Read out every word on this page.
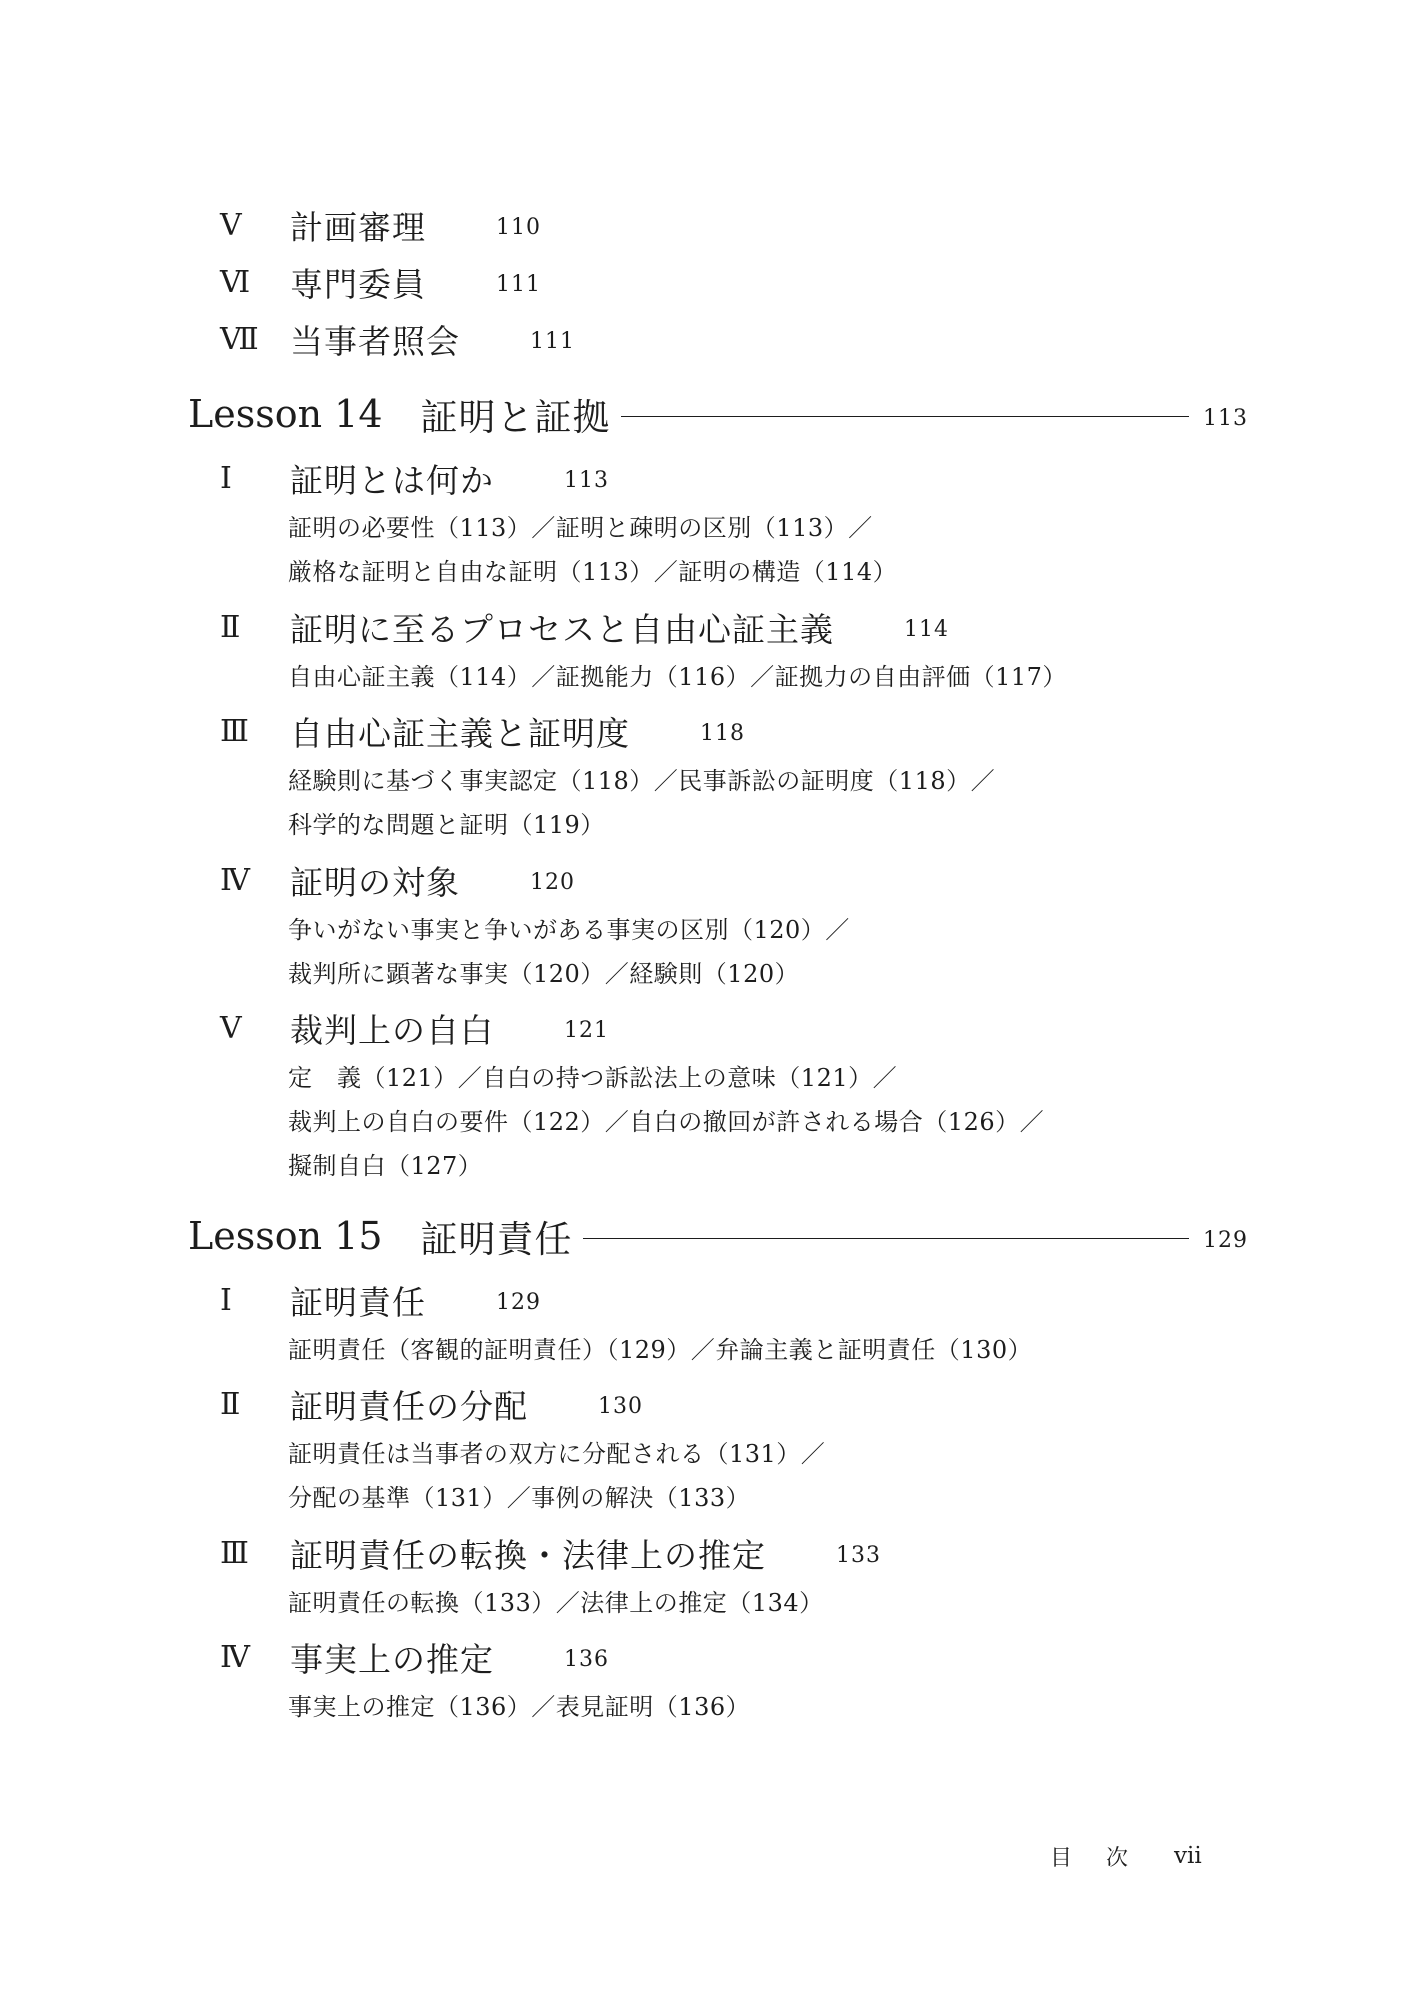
Ⅴ	計画審理	110
Ⅵ	専門委員	111
Ⅶ	当事者照会	111
Lesson 14 証明と証拠	113
Ⅰ	証明とは何か	113
証明の必要性（113）／証明と疎明の区別（113）／
厳格な証明と自由な証明（113）／証明の構造（114）
Ⅱ	証明に至るプロセスと自由心証主義	114
自由心証主義（114）／証拠能力（116）／証拠力の自由評価（117）
Ⅲ	自由心証主義と証明度	118
経験則に基づく事実認定（118）／民事訴訟の証明度（118）／
科学的な問題と証明（119）
Ⅳ	証明の対象	120
争いがない事実と争いがある事実の区別（120）／
裁判所に顕著な事実（120）／経験則（120）
Ⅴ	裁判上の自白	121
定　義（121）／自白の持つ訴訟法上の意味（121）／
裁判上の自白の要件（122）／自白の撤回が許される場合（126）／
擬制自白（127）
Lesson 15 証明責任	129
Ⅰ	証明責任	129
証明責任（客観的証明責任）（129）／弁論主義と証明責任（130）
Ⅱ	証明責任の分配	130
証明責任は当事者の双方に分配される（131）／
分配の基準（131）／事例の解決（133）
Ⅲ	証明責任の転換・法律上の推定	133
証明責任の転換（133）／法律上の推定（134）
Ⅳ	事実上の推定	136
事実上の推定（136）／表見証明（136）
目次 vii
